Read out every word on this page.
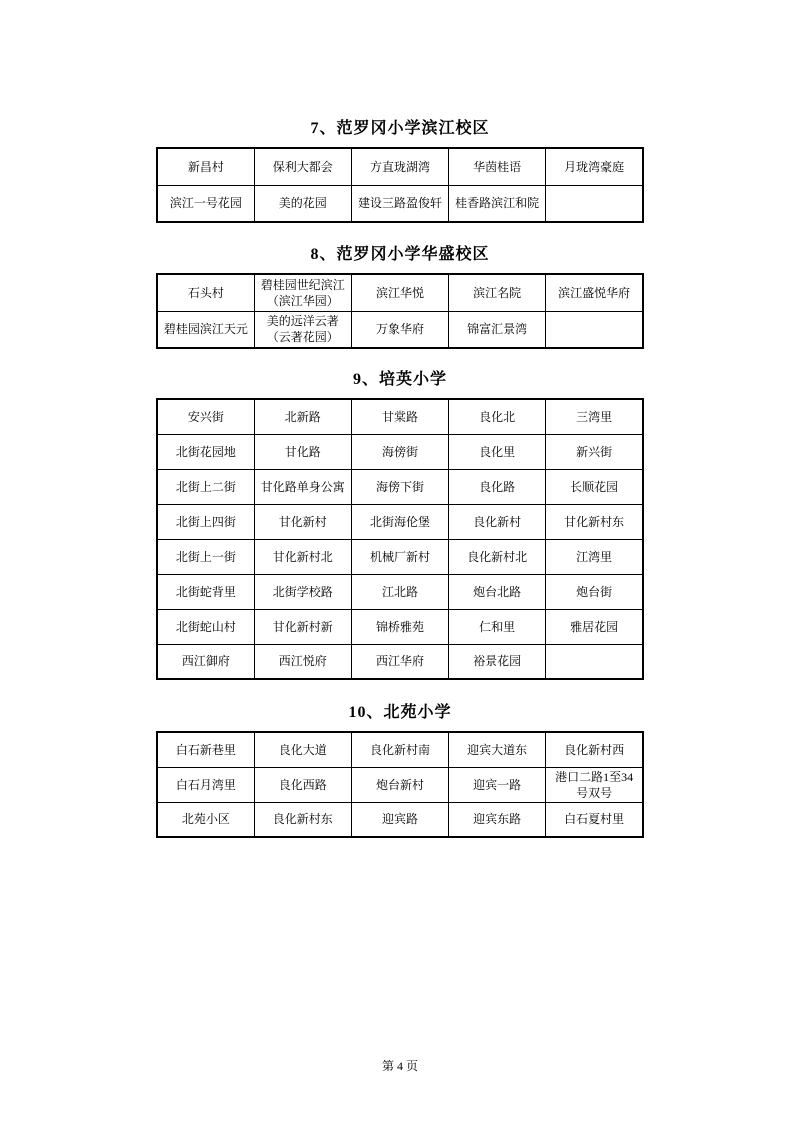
7、范罗冈小学滨江校区
新昌村	保利大都会	方直珑湖湾	华茵桂语	月珑湾豪庭
滨江一号花园	美的花园	建设三路盈俊轩	桂香路滨江和院	
8、范罗冈小学华盛校区
石头村	碧桂园世纪滨江（滨江华园）	滨江华悦	滨江名院	滨江盛悦华府
碧桂园滨江天元	美的远洋云著（云著花园）	万象华府	锦富汇景湾	
9、培英小学
安兴街	北新路	甘棠路	良化北	三湾里
北街花园地	甘化路	海傍街	良化里	新兴街
北街上二街	甘化路单身公寓	海傍下街	良化路	长顺花园
北街上四街	甘化新村	北街海伦堡	良化新村	甘化新村东
北街上一街	甘化新村北	机械厂新村	良化新村北	江湾里
北街蛇背里	北街学校路	江北路	炮台北路	炮台街
北街蛇山村	甘化新村新	锦桥雅苑	仁和里	雅居花园
西江御府	西江悦府	西江华府	裕景花园	
10、北苑小学
白石新巷里	良化大道	良化新村南	迎宾大道东	良化新村西
白石月湾里	良化西路	炮台新村	迎宾一路	港口二路1至34号双号
北苑小区	良化新村东	迎宾路	迎宾东路	白石夏村里
第 4 页
